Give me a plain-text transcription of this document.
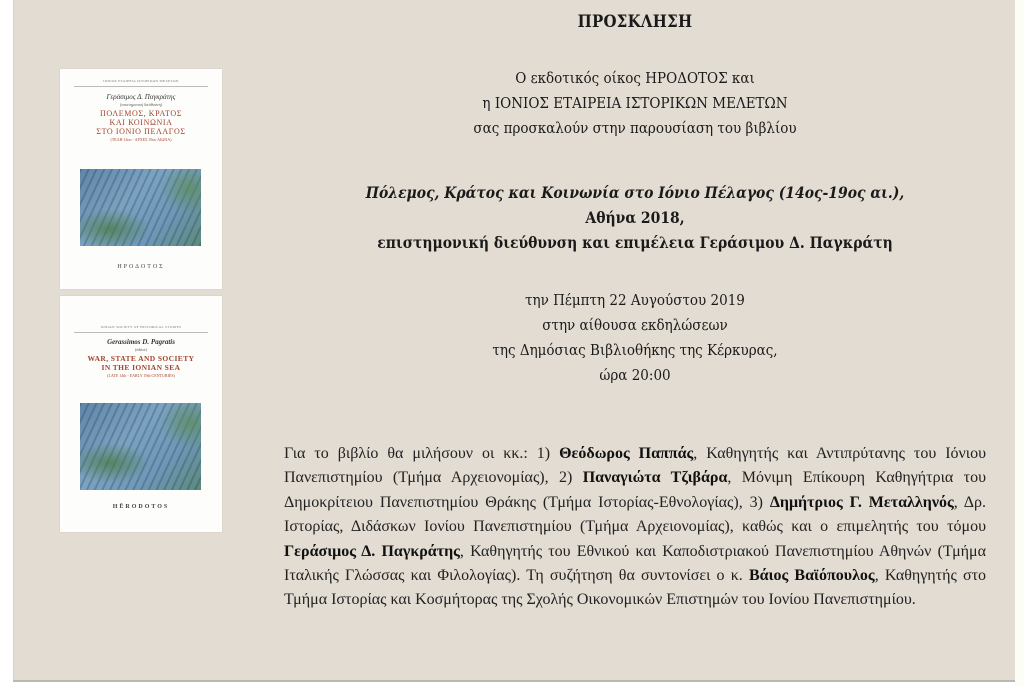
ΙΟΝΙΟΣ ΕΤΑΙΡΕΙΑ ΙΣΤΟΡΙΚΩΝ ΜΕΛΕΤΩΝ
Γεράσιμος Δ. Παγκράτης
(επιστημονική διεύθυνση)
ΠΟΛΕΜΟΣ, ΚΡΑΤΟΣ
ΚΑΙ ΚΟΙΝΩΝΙΑ
ΣΤΟ ΙΟΝΙΟ ΠΕΛΑΓΟΣ
(ΤΕΛΗ 14ου - ΑΡΧΕΣ 19ου ΑΙΩΝΑ)
ΗΡΟΔΟΤΟΣ
IONIAN SOCIETY OF HISTORICAL STUDIES
Gerassimos D. Pagratis
(editor)
WAR, STATE AND SOCIETY
IN THE IONIAN SEA
(LATE 14th - EARLY 19th CENTURIES)
HĒRODOTOS
ΠΡΟΣΚΛΗΣΗ
Ο εκδοτικός οίκος ΗΡΟΔΟΤΟΣ και
η ΙΟΝΙΟΣ ΕΤΑΙΡΕΙΑ ΙΣΤΟΡΙΚΩΝ ΜΕΛΕΤΩΝ
σας προσκαλούν στην παρουσίαση του βιβλίου
Πόλεμος, Κράτος και Κοινωνία στο Ιόνιο Πέλαγος (14ος-19ος αι.),
Αθήνα 2018,
επιστημονική διεύθυνση και επιμέλεια Γεράσιμου Δ. Παγκράτη
την Πέμπτη 22 Αυγούστου 2019
στην αίθουσα εκδηλώσεων
της Δημόσιας Βιβλιοθήκης της Κέρκυρας,
ώρα 20:00

Για το βιβλίο θα μιλήσουν οι κκ.: 1) Θεόδωρος Παππάς, Καθηγητής και Αντιπρύτανης του Ιόνιου Πανεπιστημίου (Τμήμα Αρχειονομίας), 2) Παναγιώτα Τζιβάρα, Μόνιμη Επίκουρη Καθηγήτρια του Δημοκρίτειου Πανεπιστημίου Θράκης (Τμήμα Ιστορίας-Εθνολογίας), 3) Δημήτριος Γ. Μεταλληνός, Δρ. Ιστορίας, Διδάσκων Ιονίου Πανεπιστημίου (Τμήμα Αρχειονομίας), καθώς και ο επιμελητής του τόμου Γεράσιμος Δ. Παγκράτης, Καθηγητής του Εθνικού και Καποδιστριακού Πανεπιστημίου Αθηνών (Τμήμα Ιταλικής Γλώσσας και Φιλολογίας). Τη συζήτηση θα συντονίσει ο κ. Βάιος Βαϊόπουλος, Καθηγητής στο Τμήμα Ιστορίας και Κοσμήτορας της Σχολής Οικονομικών Επιστημών του Ιονίου Πανεπιστημίου.
